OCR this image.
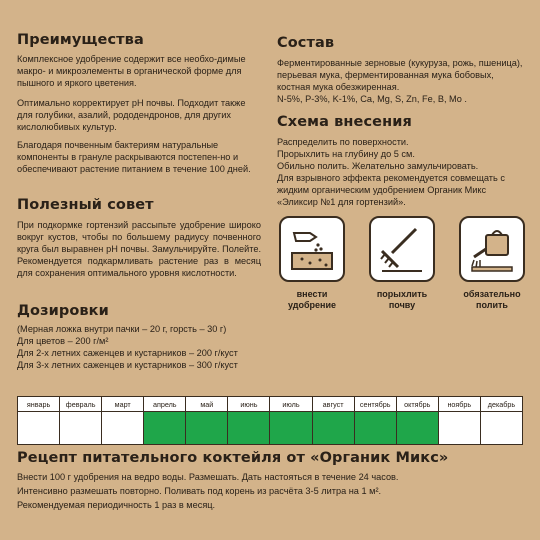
Преимущества

Комплексное удобрение содержит все необхо-димые макро- и микроэлементы в органической форме для пышного и яркого цветения.

Оптимально корректирует pH почвы. Подходит также для голубики, азалий, рододендронов, для других кислолюбивых культур.

Благодаря почвенным бактериям натуральные компоненты в грануле раскрываются постепен-но и обеспечивают растение питанием в течение 100 дней.

Полезный совет

При подкормке гортензий рассыпьте удобрение широко вокруг кустов, чтобы по большему радиусу почвенного круга был выравнен pH почвы. Замульчируйте. Полейте. Рекомендуется подкармливать растение раз в месяц для сохранения оптимального уровня кислотности.

Дозировки

(Мерная ложка внутри пачки – 20 г, горсть – 30 г)

Для цветов – 200 г/м²

Для 2-х летних саженцев и кустарников – 200 г/куст

Для 3-х летних саженцев и кустарников – 300 г/куст

Состав

Ферментированные зерновые (кукуруза, рожь, пшеница), перьевая мука, ферментированная мука бобовых, костная мука обезжиренная.

N-5%, P-3%, K-1%, Ca, Mg, S, Zn, Fe, B, Mo .

Схема внесения

Распределить по поверхности.

Прорыхлить на глубину до 5 см.

Обильно полить. Желательно замульчировать.

Для взрывного эффекта рекомендуется совмещать с жидким органическим удобрением Органик Микс «Эликсир №1 для гортензий».

внести
удобрение
порыхлить
почву
обязательно
полить
январь	февраль	март	апрель	май	июнь	июль	август	сентябрь	октябрь	ноябрь	декабрь

Рецепт питательного коктейля от «Органик Микс»

Внести 100 г удобрения на ведро воды. Размешать. Дать настояться в течение 24 часов.

Интенсивно размешать повторно. Поливать под корень из расчёта 3-5 литра на 1 м².

Рекомендуемая периодичность 1 раз в месяц.
